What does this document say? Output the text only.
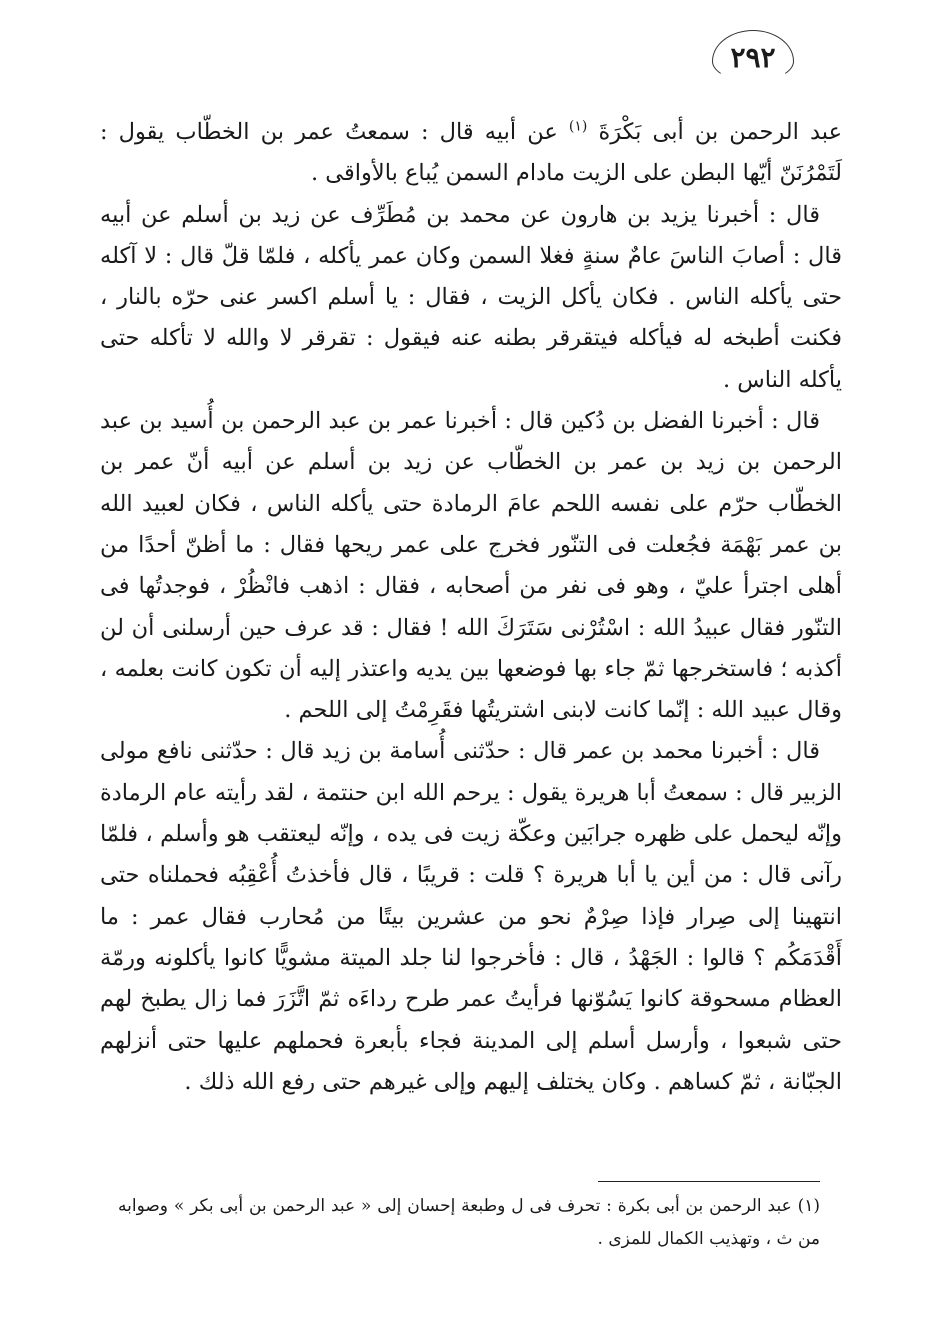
٢٩٢

عبد الرحمن بن أبى بَكْرَةَ $^{(١)}$ عن أبيه قال : سمعتُ عمر بن الخطّاب يقول : لَتَمْرُنَنّ أيّها البطن على الزيت مادام السمن يُباع بالأواقى .

قال : أخبرنا يزيد بن هارون عن محمد بن مُطَرِّف عن زيد بن أسلم عن أبيه قال : أصابَ الناسَ عامٌ سنةٍ فغلا السمن وكان عمر يأكله ، فلمّا قلّ قال : لا آكله حتى يأكله الناس . فكان يأكل الزيت ، فقال : يا أسلم اكسر عنى حرّه بالنار ، فكنت أطبخه له فيأكله فيتقرقر بطنه عنه فيقول : تقرقر لا والله لا تأكله حتى يأكله الناس .

قال : أخبرنا الفضل بن دُكين قال : أخبرنا عمر بن عبد الرحمن بن أُسيد بن عبد الرحمن بن زيد بن عمر بن الخطّاب عن زيد بن أسلم عن أبيه أنّ عمر بن الخطّاب حرّم على نفسه اللحم عامَ الرمادة حتى يأكله الناس ، فكان لعبيد الله بن عمر بَهْمَة فجُعلت فى التنّور فخرج على عمر ريحها فقال : ما أظنّ أحدًا من أهلى اجترأ عليّ ، وهو فى نفر من أصحابه ، فقال : اذهب فانْظُرْ ، فوجدتُها فى التنّور فقال عبيدُ الله : اسْتُرْنى سَتَرَكَ الله ! فقال : قد عرف حين أرسلنى أن لن أكذبه ؛ فاستخرجها ثمّ جاء بها فوضعها بين يديه واعتذر إليه أن تكون كانت بعلمه ، وقال عبيد الله : إنّما كانت لابنى اشتريتُها فقَرِمْتُ إلى اللحم .

قال : أخبرنا محمد بن عمر قال : حدّثنى أُسامة بن زيد قال : حدّثنى نافع مولى الزبير قال : سمعتُ أبا هريرة يقول : يرحم الله ابن حنتمة ، لقد رأيته عام الرمادة وإنّه ليحمل على ظهره جرابَين وعكّة زيت فى يده ، وإنّه ليعتقب هو وأسلم ، فلمّا رآنى قال : من أين يا أبا هريرة ؟ قلت : قريبًا ، قال فأخذتُ أُعْقِبُه فحملناه حتى انتهينا إلى صِرار فإذا صِرْمٌ نحو من عشرين بيتًا من مُحارب فقال عمر : ما أَقْدَمَكُم ؟ قالوا : الجَهْدُ ، قال : فأخرجوا لنا جلد الميتة مشويًّا كانوا يأكلونه ورمّة العظام مسحوقة كانوا يَسُوّنها فرأيتُ عمر طرح رداءَه ثمّ اتَّزَرَ فما زال يطبخ لهم حتى شبعوا ، وأرسل أسلم إلى المدينة فجاء بأبعرة فحملهم عليها حتى أنزلهم الجبّانة ، ثمّ كساهم . وكان يختلف إليهم وإلى غيرهم حتى رفع الله ذلك .

(١) عبد الرحمن بن أبى بكرة : تحرف فى ل وطبعة إحسان إلى « عبد الرحمن بن أبى بكر » وصوابه من ث ، وتهذيب الكمال للمزى .
